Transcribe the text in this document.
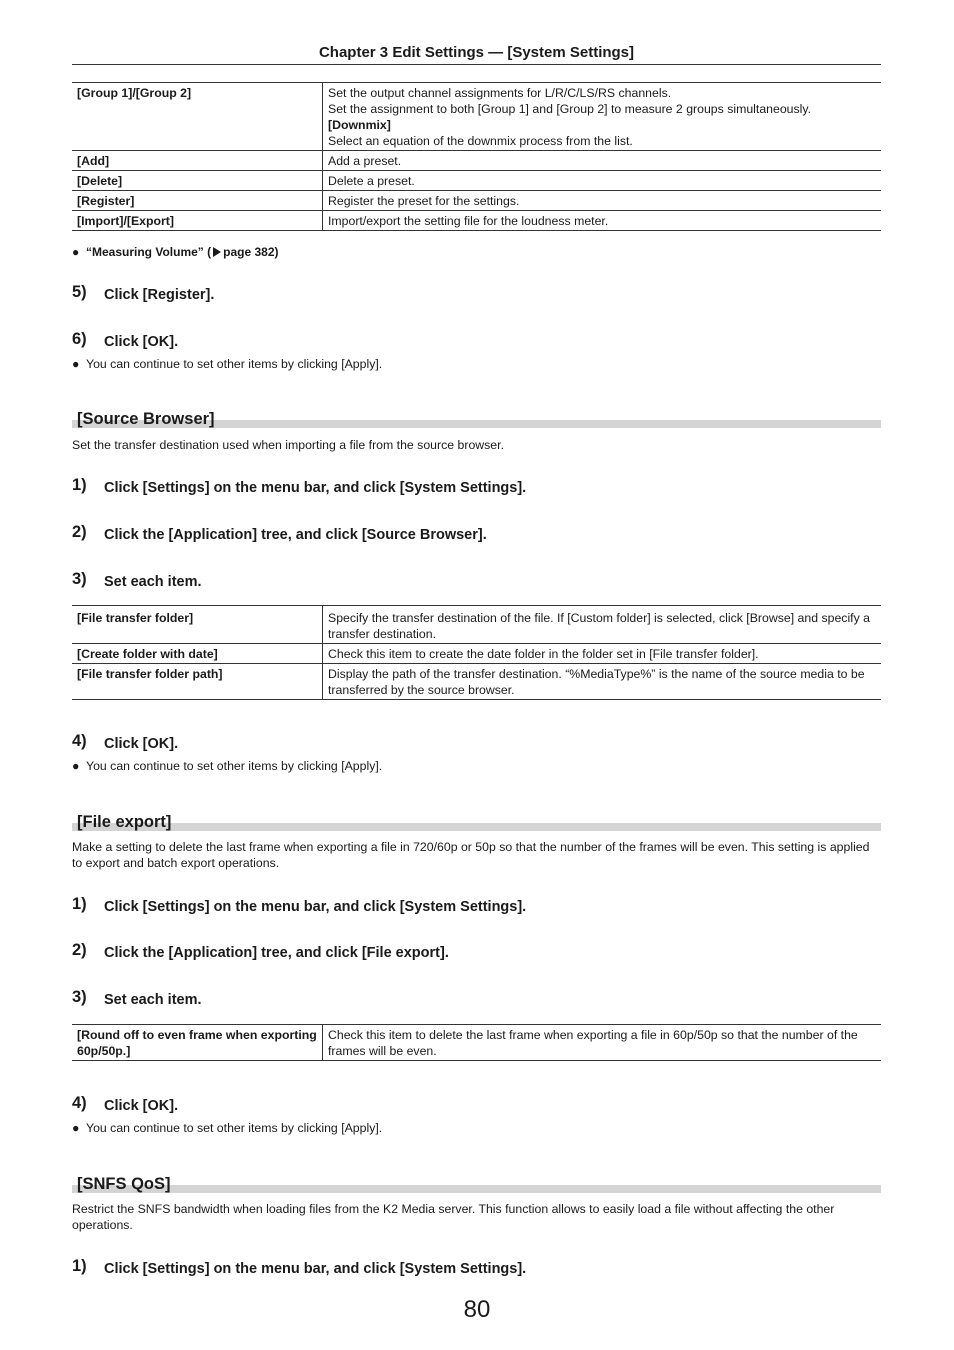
Chapter 3 Edit Settings — [System Settings]
[Group 1]/[Group 2]	Set the output channel assignments for L/R/C/LS/RS channels.
Set the assignment to both [Group 1] and [Group 2] to measure 2 groups simultaneously.
[Downmix]
Select an equation of the downmix process from the list.

[Add]	Add a preset.
[Delete]	Delete a preset.
[Register]	Register the preset for the settings.
[Import]/[Export]	Import/export the setting file for the loudness meter.
● “Measuring Volume” ( page 382)
5) Click [Register].
6) Click [OK].
● You can continue to set other items by clicking [Apply].
[Source Browser]
Set the transfer destination used when importing a file from the source browser.
1) Click [Settings] on the menu bar, and click [System Settings].
2) Click the [Application] tree, and click [Source Browser].
3) Set each item.
[File transfer folder]	Specify the transfer destination of the file. If [Custom folder] is selected, click [Browse] and specify a transfer destination.
[Create folder with date]	Check this item to create the date folder in the folder set in [File transfer folder].
[File transfer folder path]	Display the path of the transfer destination. “%MediaType%” is the name of the source media to be transferred by the source browser.
4) Click [OK].
● You can continue to set other items by clicking [Apply].
[File export]
Make a setting to delete the last frame when exporting a file in 720/60p or 50p so that the number of the frames will be even. This setting is applied to export and batch export operations.
1) Click [Settings] on the menu bar, and click [System Settings].
2) Click the [Application] tree, and click [File export].
3) Set each item.
[Round off to even frame when exporting 60p/50p.]	Check this item to delete the last frame when exporting a file in 60p/50p so that the number of the frames will be even.
4) Click [OK].
● You can continue to set other items by clicking [Apply].
[SNFS QoS]
Restrict the SNFS bandwidth when loading files from the K2 Media server. This function allows to easily load a file without affecting the other operations.
1) Click [Settings] on the menu bar, and click [System Settings].
80
